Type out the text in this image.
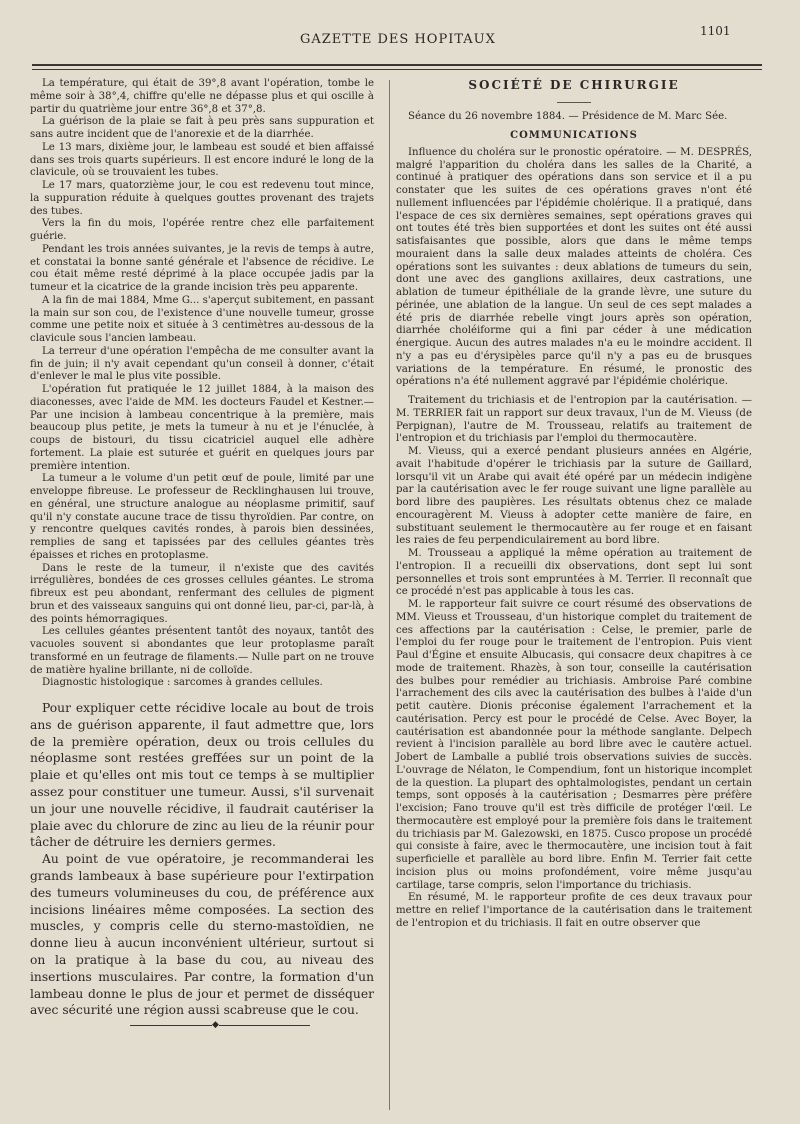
GAZETTE DES HOPITAUX
1101

La température, qui était de 39°,8 avant l'opération, tombe le même soir à 38°,4, chiffre qu'elle ne dépasse plus et qui oscille à partir du quatrième jour entre 36°,8 et 37°,8.

La guérison de la plaie se fait à peu près sans suppuration et sans autre incident que de l'anorexie et de la diarrhée.

Le 13 mars, dixième jour, le lambeau est soudé et bien affaissé dans ses trois quarts supérieurs. Il est encore induré le long de la clavicule, où se trouvaient les tubes.

Le 17 mars, quatorzième jour, le cou est redevenu tout mince, la suppuration réduite à quelques gouttes provenant des trajets des tubes.

Vers la fin du mois, l'opérée rentre chez elle parfaitement guérie.

Pendant les trois années suivantes, je la revis de temps à autre, et constatai la bonne santé générale et l'absence de récidive. Le cou était même resté déprimé à la place occupée jadis par la tumeur et la cicatrice de la grande incision très peu apparente.

A la fin de mai 1884, Mme G... s'aperçut subitement, en passant la main sur son cou, de l'existence d'une nouvelle tumeur, grosse comme une petite noix et située à 3 centimètres au-dessous de la clavicule sous l'ancien lambeau.

La terreur d'une opération l'empêcha de me consulter avant la fin de juin; il n'y avait cependant qu'un conseil à donner, c'était d'enlever le mal le plus vite possible.

L'opération fut pratiquée le 12 juillet 1884, à la maison des diaconesses, avec l'aide de MM. les docteurs Faudel et Kestner.— Par une incision à lambeau concentrique à la première, mais beaucoup plus petite, je mets la tumeur à nu et je l'énuclée, à coups de bistouri, du tissu cicatriciel auquel elle adhère fortement. La plaie est suturée et guérit en quelques jours par première intention.

La tumeur a le volume d'un petit œuf de poule, limité par une enveloppe fibreuse. Le professeur de Recklinghausen lui trouve, en général, une structure analogue au néoplasme primitif, sauf qu'il n'y constate aucune trace de tissu thyroïdien. Par contre, on y rencontre quelques cavités rondes, à parois bien dessinées, remplies de sang et tapissées par des cellules géantes très épaisses et riches en protoplasme.

Dans le reste de la tumeur, il n'existe que des cavités irrégulières, bondées de ces grosses cellules géantes. Le stroma fibreux est peu abondant, renfermant des cellules de pigment brun et des vaisseaux sanguins qui ont donné lieu, par-ci, par-là, à des points hémorragiques.

Les cellules géantes présentent tantôt des noyaux, tantôt des vacuoles souvent si abondantes que leur protoplasme paraît transformé en un feutrage de filaments.— Nulle part on ne trouve de matière hyaline brillante, ni de colloïde.

Diagnostic histologique : sarcomes à grandes cellules.

Pour expliquer cette récidive locale au bout de trois ans de guérison apparente, il faut admettre que, lors de la première opération, deux ou trois cellules du néoplasme sont restées greffées sur un point de la plaie et qu'elles ont mis tout ce temps à se multiplier assez pour constituer une tumeur. Aussi, s'il survenait un jour une nouvelle récidive, il faudrait cautériser la plaie avec du chlorure de zinc au lieu de la réunir pour tâcher de détruire les derniers germes.

Au point de vue opératoire, je recommanderai les grands lambeaux à base supérieure pour l'extirpation des tumeurs volumineuses du cou, de préférence aux incisions linéaires même composées. La section des muscles, y compris celle du sterno-mastoïdien, ne donne lieu à aucun inconvénient ultérieur, surtout si on la pratique à la base du cou, au niveau des insertions musculaires. Par contre, la formation d'un lambeau donne le plus de jour et permet de disséquer avec sécurité une région aussi scabreuse que le cou.

◆
SOCIÉTÉ DE CHIRURGIE

Séance du 26 novembre 1884. — Présidence de M. Marc Sée.

COMMUNICATIONS

Influence du choléra sur le pronostic opératoire. — M. DESPRÉS, malgré l'apparition du choléra dans les salles de la Charité, a continué à pratiquer des opérations dans son service et il a pu constater que les suites de ces opérations graves n'ont été nullement influencées par l'épidémie cholérique. Il a pratiqué, dans l'espace de ces six dernières semaines, sept opérations graves qui ont toutes été très bien supportées et dont les suites ont été aussi satisfaisantes que possible, alors que dans le même temps mouraient dans la salle deux malades atteints de choléra. Ces opérations sont les suivantes : deux ablations de tumeurs du sein, dont une avec des ganglions axillaires, deux castrations, une ablation de tumeur épithéliale de la grande lèvre, une suture du périnée, une ablation de la langue. Un seul de ces sept malades a été pris de diarrhée rebelle vingt jours après son opération, diarrhée choléiforme qui a fini par céder à une médication énergique. Aucun des autres malades n'a eu le moindre accident. Il n'y a pas eu d'érysipèles parce qu'il n'y a pas eu de brusques variations de la température. En résumé, le pronostic des opérations n'a été nullement aggravé par l'épidémie cholérique.

Traitement du trichiasis et de l'entropion par la cautérisation. — M. TERRIER fait un rapport sur deux travaux, l'un de M. Vieuss (de Perpignan), l'autre de M. Trousseau, relatifs au traitement de l'entropion et du trichiasis par l'emploi du thermocautère.

M. Vieuss, qui a exercé pendant plusieurs années en Algérie, avait l'habitude d'opérer le trichiasis par la suture de Gaillard, lorsqu'il vit un Arabe qui avait été opéré par un médecin indigène par la cautérisation avec le fer rouge suivant une ligne parallèle au bord libre des paupières. Les résultats obtenus chez ce malade encouragèrent M. Vieuss à adopter cette manière de faire, en substituant seulement le thermocautère au fer rouge et en faisant les raies de feu perpendiculairement au bord libre.

M. Trousseau a appliqué la même opération au traitement de l'entropion. Il a recueilli dix observations, dont sept lui sont personnelles et trois sont empruntées à M. Terrier. Il reconnaît que ce procédé n'est pas applicable à tous les cas.

M. le rapporteur fait suivre ce court résumé des observations de MM. Vieuss et Trousseau, d'un historique complet du traitement de ces affections par la cautérisation : Celse, le premier, parle de l'emploi du fer rouge pour le traitement de l'entropion. Puis vient Paul d'Égine et ensuite Albucasis, qui consacre deux chapitres à ce mode de traitement. Rhazès, à son tour, conseille la cautérisation des bulbes pour remédier au trichiasis. Ambroise Paré combine l'arrachement des cils avec la cautérisation des bulbes à l'aide d'un petit cautère. Dionis préconise également l'arrachement et la cautérisation. Percy est pour le procédé de Celse. Avec Boyer, la cautérisation est abandonnée pour la méthode sanglante. Delpech revient à l'incision parallèle au bord libre avec le cautère actuel. Jobert de Lamballe a publié trois observations suivies de succès. L'ouvrage de Nélaton, le Compendium, font un historique incomplet de la question. La plupart des ophtalmologistes, pendant un certain temps, sont opposés à la cautérisation ; Desmarres père préfère l'excision; Fano trouve qu'il est très difficile de protéger l'œil. Le thermocautère est employé pour la première fois dans le traitement du trichiasis par M. Galezowski, en 1875. Cusco propose un procédé qui consiste à faire, avec le thermocautère, une incision tout à fait superficielle et parallèle au bord libre. Enfin M. Terrier fait cette incision plus ou moins profondément, voire même jusqu'au cartilage, tarse compris, selon l'importance du trichiasis.

En résumé, M. le rapporteur profite de ces deux travaux pour mettre en relief l'importance de la cautérisation dans le traitement de l'entropion et du trichiasis. Il fait en outre observer que
